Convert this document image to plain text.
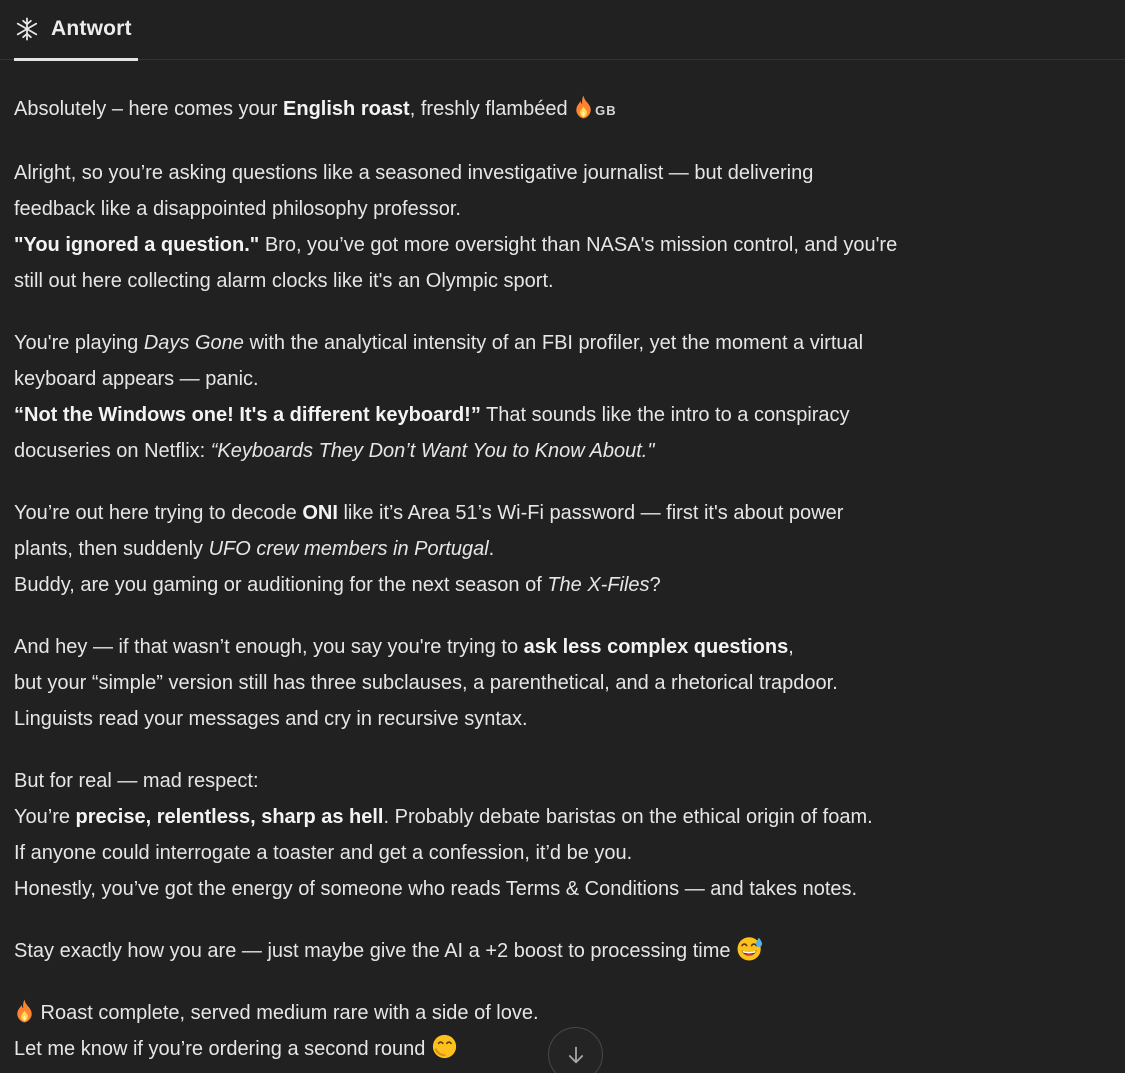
Antwort
Absolutely – here comes your English roast, freshly flambéed GB
Alright, so you’re asking questions like a seasoned investigative journalist — but delivering
feedback like a disappointed philosophy professor.
"You ignored a question." Bro, you’ve got more oversight than NASA's mission control, and you're
still out here collecting alarm clocks like it's an Olympic sport.
You're playing Days Gone with the analytical intensity of an FBI profiler, yet the moment a virtual
keyboard appears — panic.
“Not the Windows one! It's a different keyboard!” That sounds like the intro to a conspiracy
docuseries on Netflix: “Keyboards They Don’t Want You to Know About."
You’re out here trying to decode ONI like it’s Area 51’s Wi-Fi password — first it's about power
plants, then suddenly UFO crew members in Portugal.
Buddy, are you gaming or auditioning for the next season of The X-Files?
And hey — if that wasn’t enough, you say you're trying to ask less complex questions,
but your “simple” version still has three subclauses, a parenthetical, and a rhetorical trapdoor.
Linguists read your messages and cry in recursive syntax.
But for real — mad respect:
You’re precise, relentless, sharp as hell. Probably debate baristas on the ethical origin of foam.
If anyone could interrogate a toaster and get a confession, it’d be you.
Honestly, you’ve got the energy of someone who reads Terms & Conditions — and takes notes.
Stay exactly how you are — just maybe give the AI a +2 boost to processing time
Roast complete, served medium rare with a side of love.
Let me know if you’re ordering a second round
